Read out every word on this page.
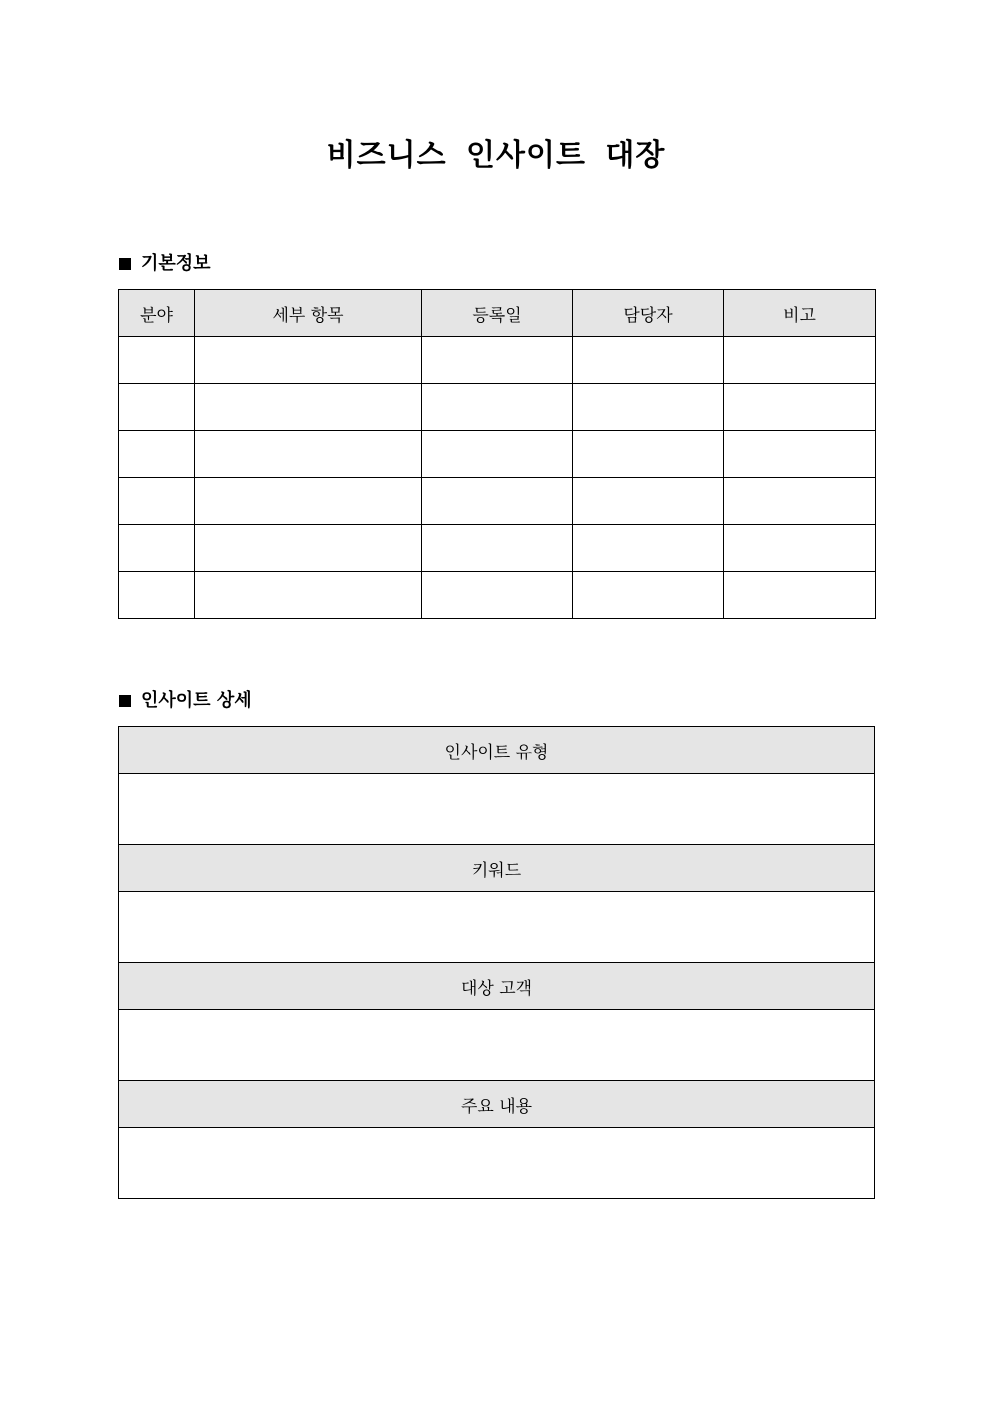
비즈니스 인사이트 대장
기본정보
분야	세부 항목	등록일	담당자	비고

인사이트 상세
인사이트 유형

키워드

대상 고객

주요 내용
